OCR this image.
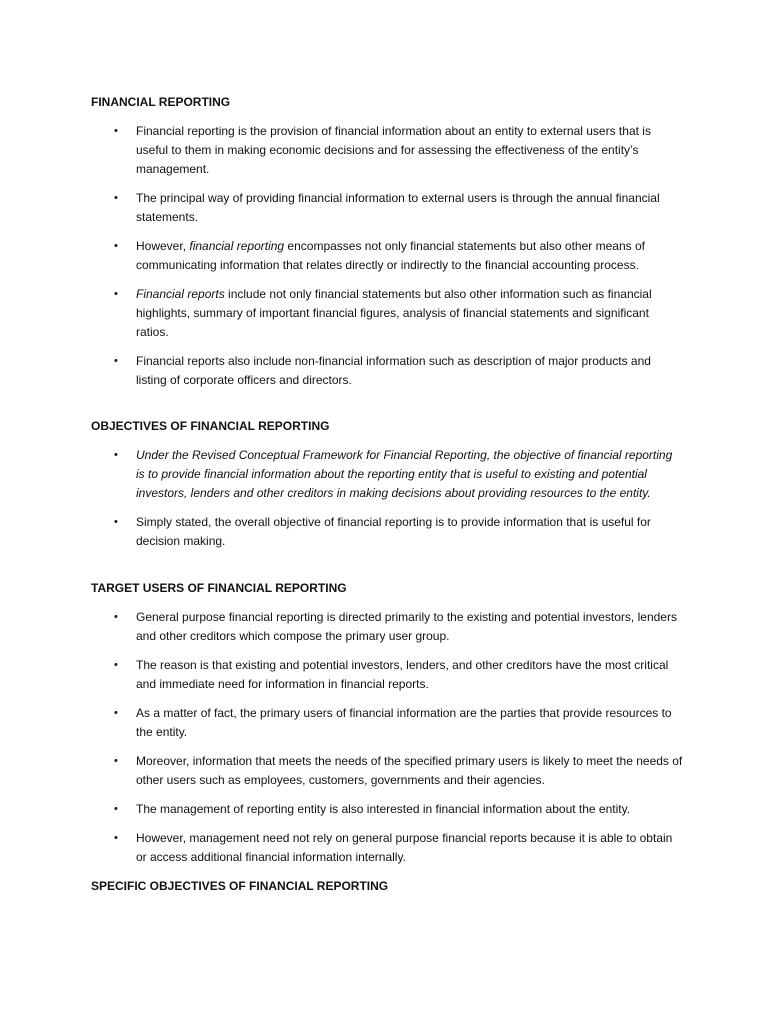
FINANCIAL REPORTING
• Financial reporting is the provision of financial information about an entity to external users that is useful to them in making economic decisions and for assessing the effectiveness of the entity’s management.
• The principal way of providing financial information to external users is through the annual financial statements.
• However, financial reporting encompasses not only financial statements but also other means of communicating information that relates directly or indirectly to the financial accounting process.
• Financial reports include not only financial statements but also other information such as financial highlights, summary of important financial figures, analysis of financial statements and significant ratios.
• Financial reports also include non-financial information such as description of major products and listing of corporate officers and directors.
OBJECTIVES OF FINANCIAL REPORTING
• Under the Revised Conceptual Framework for Financial Reporting, the objective of financial reporting is to provide financial information about the reporting entity that is useful to existing and potential investors, lenders and other creditors in making decisions about providing resources to the entity.
• Simply stated, the overall objective of financial reporting is to provide information that is useful for decision making.
TARGET USERS OF FINANCIAL REPORTING
• General purpose financial reporting is directed primarily to the existing and potential investors, lenders and other creditors which compose the primary user group.
• The reason is that existing and potential investors, lenders, and other creditors have the most critical and immediate need for information in financial reports.
• As a matter of fact, the primary users of financial information are the parties that provide resources to the entity.
• Moreover, information that meets the needs of the specified primary users is likely to meet the needs of other users such as employees, customers, governments and their agencies.
• The management of reporting entity is also interested in financial information about the entity.
• However, management need not rely on general purpose financial reports because it is able to obtain or access additional financial information internally.
SPECIFIC OBJECTIVES OF FINANCIAL REPORTING
